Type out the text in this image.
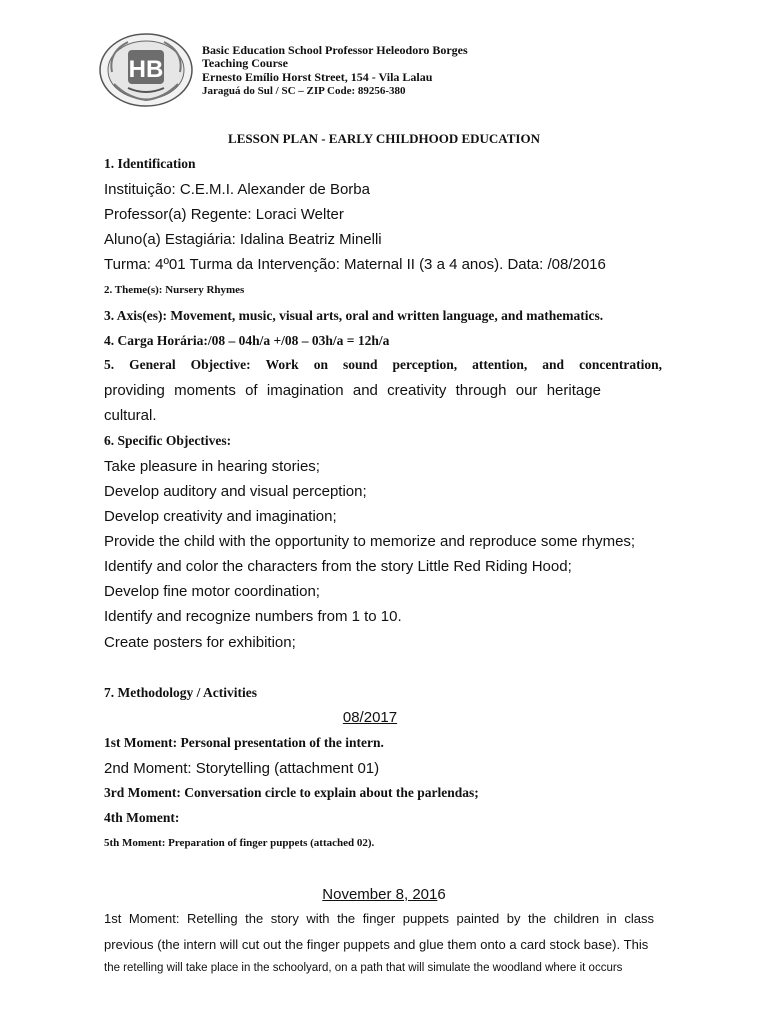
HB
Basic Education School Professor Heleodoro Borges
Teaching Course
Ernesto Emílio Horst Street, 154 - Vila Lalau
Jaraguá do Sul / SC – ZIP Code: 89256-380
LESSON PLAN - EARLY CHILDHOOD EDUCATION
1. Identification
Instituição: C.E.M.I. Alexander de Borba
Professor(a) Regente: Loraci Welter
Aluno(a) Estagiária: Idalina Beatriz Minelli
Turma: 4º01 Turma da Intervenção: Maternal II (3 a 4 anos). Data: /08/2016
2. Theme(s): Nursery Rhymes
3. Axis(es): Movement, music, visual arts, oral and written language, and mathematics.
4. Carga Horária:/08 – 04h/a +/08 – 03h/a = 12h/a
5. General Objective: Work on sound perception, attention, and concentration,
providing moments of imagination and creativity through our heritage
cultural.
6. Specific Objectives:
Take pleasure in hearing stories;
Develop auditory and visual perception;
Develop creativity and imagination;
Provide the child with the opportunity to memorize and reproduce some rhymes;
Identify and color the characters from the story Little Red Riding Hood;
Develop fine motor coordination;
Identify and recognize numbers from 1 to 10.
Create posters for exhibition;
7. Methodology / Activities
08/2017
1st Moment: Personal presentation of the intern.
2nd Moment: Storytelling (attachment 01)
3rd Moment: Conversation circle to explain about the parlendas;
4th Moment:
5th Moment: Preparation of finger puppets (attached 02).
November 8, 2016
1st Moment: Retelling the story with the finger puppets painted by the children in class
previous (the intern will cut out the finger puppets and glue them onto a card stock base). This
the retelling will take place in the schoolyard, on a path that will simulate the woodland where it occurs
